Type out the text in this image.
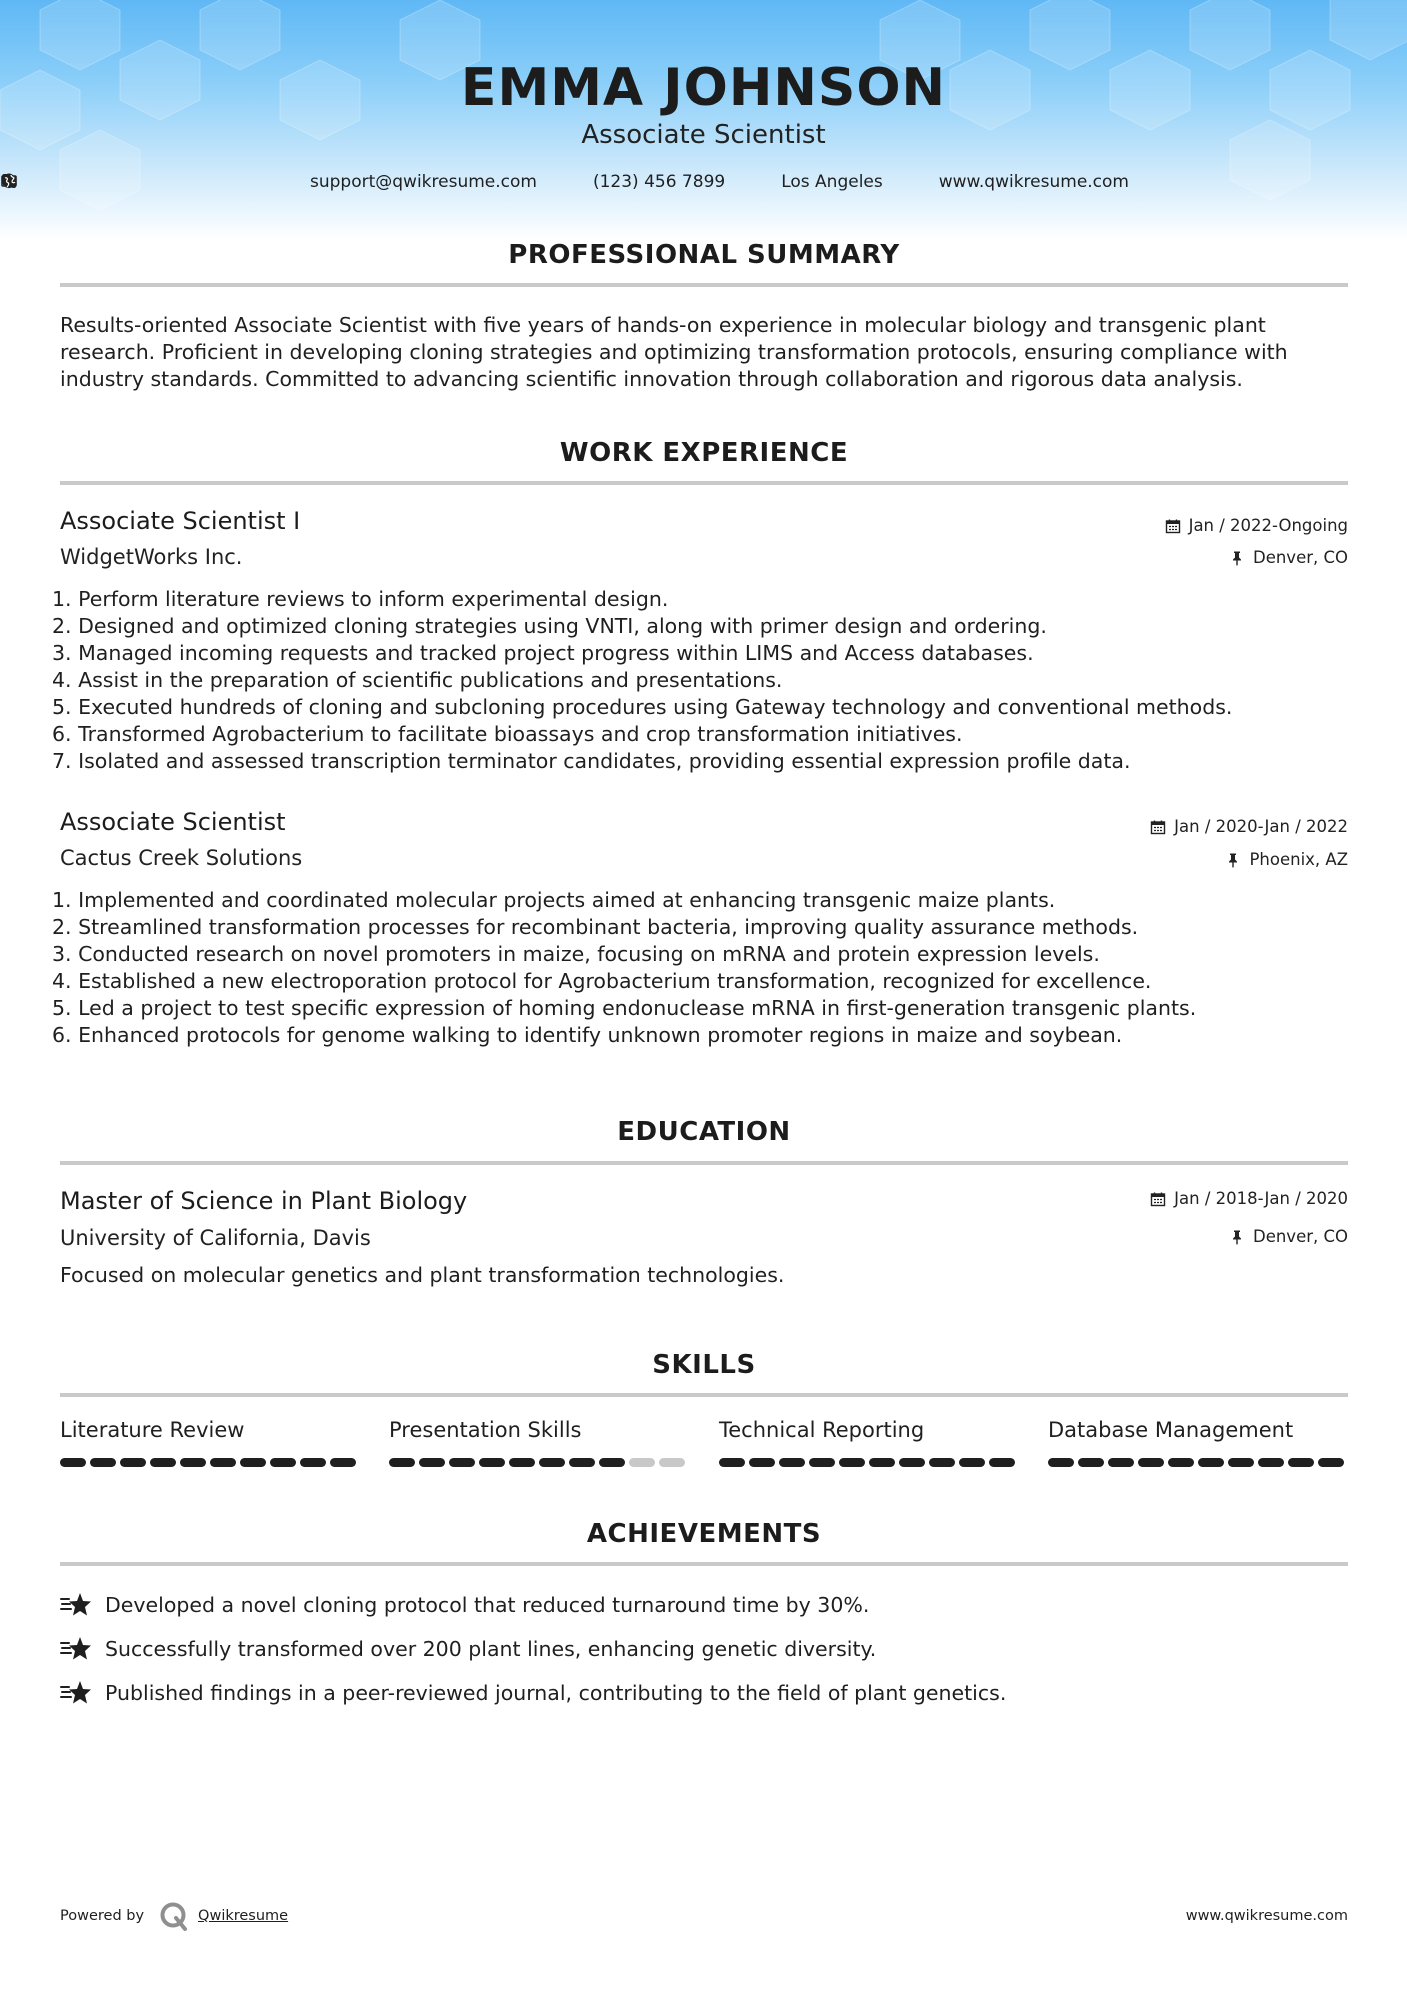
EMMA JOHNSON
Associate Scientist
support@qwikresume.com	(123) 456 7899	Los Angeles	www.qwikresume.com
PROFESSIONAL SUMMARY
Results-oriented Associate Scientist with five years of hands-on experience in molecular biology and transgenic plant
research. Proficient in developing cloning strategies and optimizing transformation protocols, ensuring compliance with
industry standards. Committed to advancing scientific innovation through collaboration and rigorous data analysis.
WORK EXPERIENCE
Associate Scientist I	Jan / 2022-Ongoing
WidgetWorks Inc.	Denver, CO
1. Perform literature reviews to inform experimental design.
2. Designed and optimized cloning strategies using VNTI, along with primer design and ordering.
3. Managed incoming requests and tracked project progress within LIMS and Access databases.
4. Assist in the preparation of scientific publications and presentations.
5. Executed hundreds of cloning and subcloning procedures using Gateway technology and conventional methods.
6. Transformed Agrobacterium to facilitate bioassays and crop transformation initiatives.
7. Isolated and assessed transcription terminator candidates, providing essential expression profile data.
Associate Scientist	Jan / 2020-Jan / 2022
Cactus Creek Solutions	Phoenix, AZ
1. Implemented and coordinated molecular projects aimed at enhancing transgenic maize plants.
2. Streamlined transformation processes for recombinant bacteria, improving quality assurance methods.
3. Conducted research on novel promoters in maize, focusing on mRNA and protein expression levels.
4. Established a new electroporation protocol for Agrobacterium transformation, recognized for excellence.
5. Led a project to test specific expression of homing endonuclease mRNA in first-generation transgenic plants.
6. Enhanced protocols for genome walking to identify unknown promoter regions in maize and soybean.
EDUCATION
Master of Science in Plant Biology	Jan / 2018-Jan / 2020
University of California, Davis	Denver, CO
Focused on molecular genetics and plant transformation technologies.
SKILLS
Literature Review	Presentation Skills	Technical Reporting	Database Management
ACHIEVEMENTS
Developed a novel cloning protocol that reduced turnaround time by 30%.
Successfully transformed over 200 plant lines, enhancing genetic diversity.
Published findings in a peer-reviewed journal, contributing to the field of plant genetics.
Powered by	Qwikresume	www.qwikresume.com
